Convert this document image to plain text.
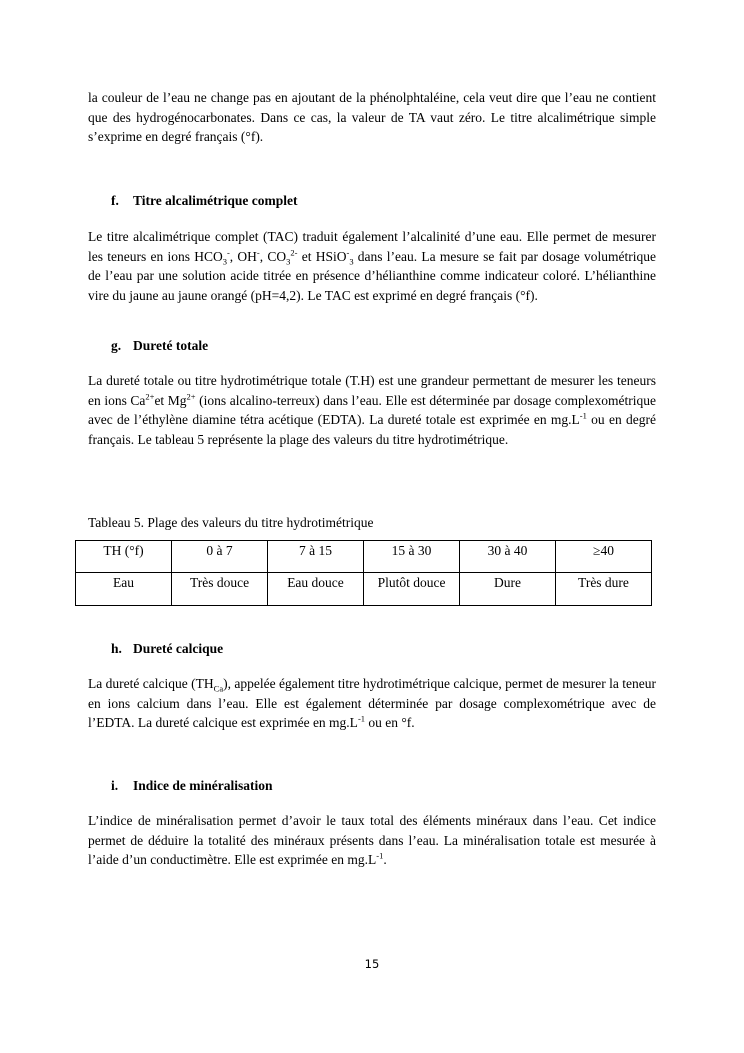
la couleur de l’eau ne change pas en ajoutant de la phénolphtaléine, cela veut dire que l’eau ne contient que des hydrogénocarbonates. Dans ce cas, la valeur de TA vaut zéro. Le titre alcalimétrique simple s’exprime en degré français (°f).

f. Titre alcalimétrique complet

Le titre alcalimétrique complet (TAC) traduit également l’alcalinité d’une eau. Elle permet de mesurer les teneurs en ions $HCO_3^-$, OH-, $CO_3^{2-}$ et HSiO-$_3$ dans l’eau. La mesure se fait par dosage volumétrique de l’eau par une solution acide titrée en présence d’hélianthine comme indicateur coloré. L’hélianthine vire du jaune au jaune orangé (pH=4,2). Le TAC est exprimé en degré français (°f).

g. Dureté totale

La dureté totale ou titre hydrotimétrique totale (T.H) est une grandeur permettant de mesurer les teneurs en ions $Ca^{2+}et$ $Mg^{2+}$ (ions alcalino-terreux) dans l’eau. Elle est déterminée par dosage complexométrique avec de l’éthylène diamine tétra acétique (EDTA). La dureté totale est exprimée en $mg.L^{-1}$ ou en degré français. Le tableau 5 représente la plage des valeurs du titre hydrotimétrique.

Tableau 5. Plage des valeurs du titre hydrotimétrique

TH (°f)	0 à 7	7 à 15	15 à 30	30 à 40	≥40
Eau	Très douce	Eau douce	Plutôt douce	Dure	Très dure

h. Dureté calcique

La dureté calcique $(TH_{Ca})$, appelée également titre hydrotimétrique calcique, permet de mesurer la teneur en ions calcium dans l’eau. Elle est également déterminée par dosage complexométrique avec de l’EDTA. La dureté calcique est exprimée en $mg.L^{-1}$ ou en °f.

i. Indice de minéralisation

L’indice de minéralisation permet d’avoir le taux total des éléments minéraux dans l’eau. Cet indice permet de déduire la totalité des minéraux présents dans l’eau. La minéralisation totale est mesurée à l’aide d’un conductimètre. Elle est exprimée en $mg.L^{-1}$.

15
